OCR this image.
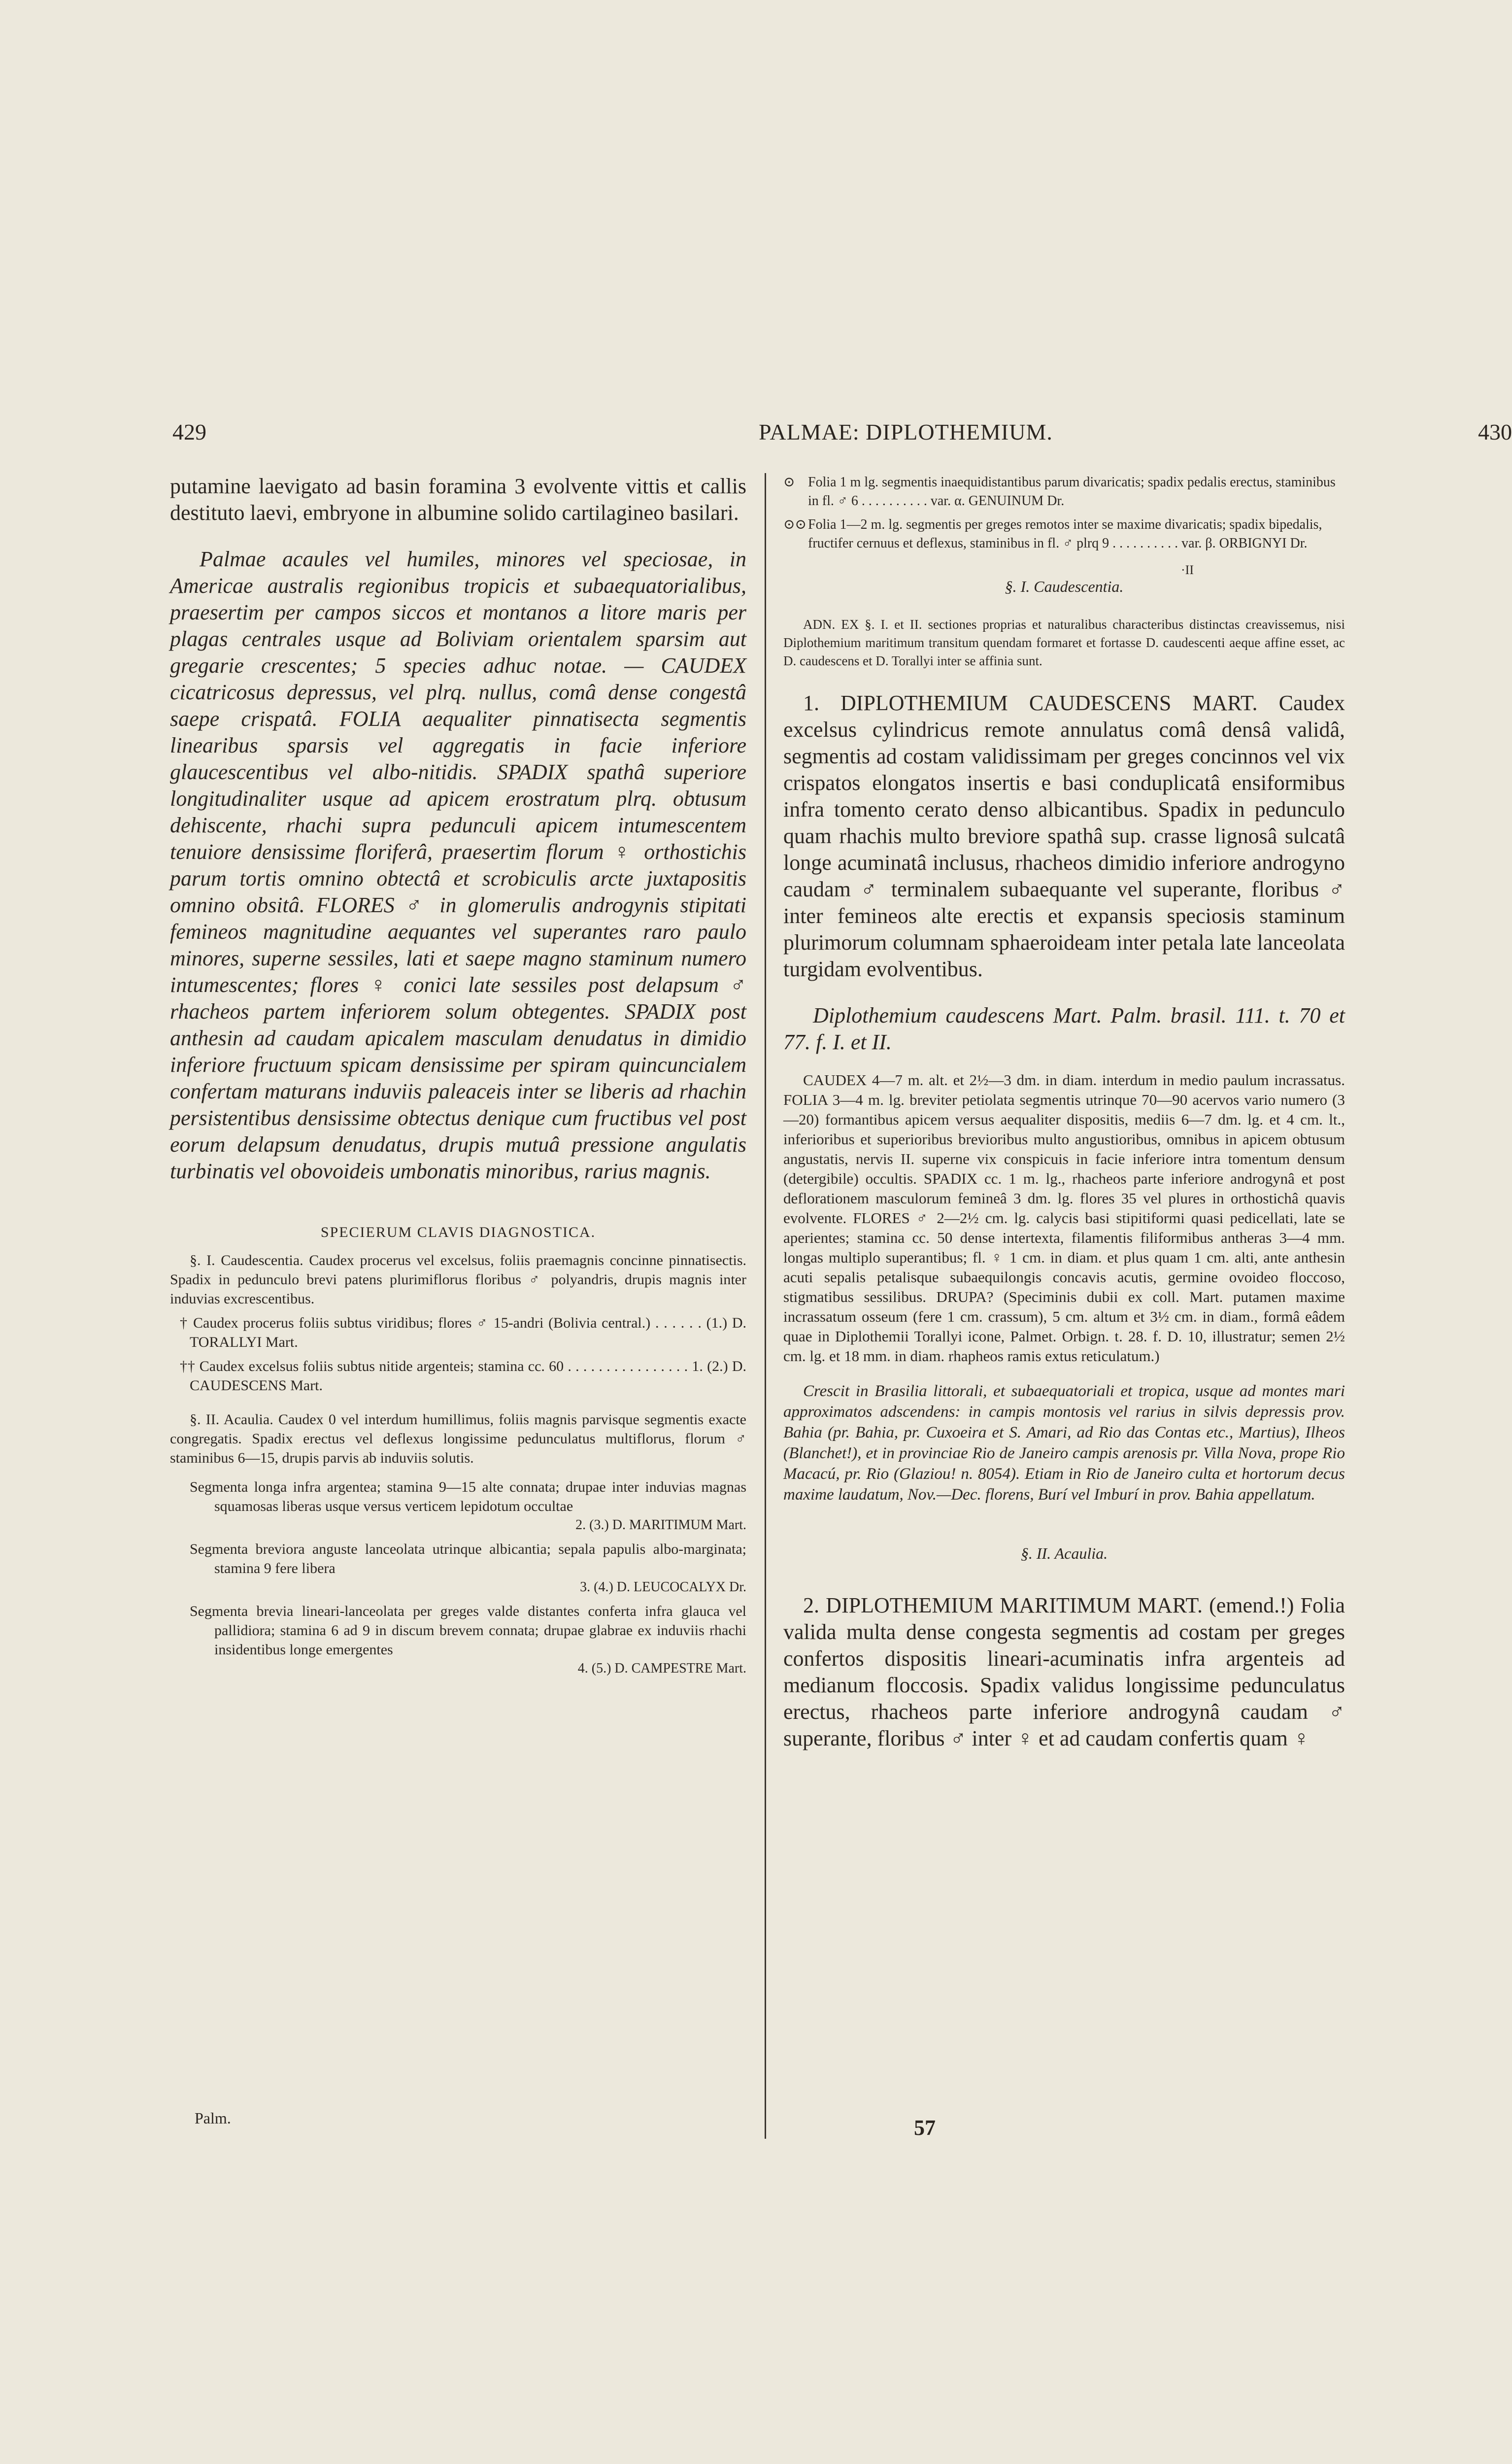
429	PALMAE: DIPLOTHEMIUM.	430

putamine laevigato ad basin foramina 3 evolvente vittis et callis destituto laevi, embryone in albumine solido cartilagineo basilari.

Palmae acaules vel humiles, minores vel speciosae, in Americae australis regionibus tropicis et subaequatorialibus, praesertim per campos siccos et montanos a litore maris per plagas centrales usque ad Boliviam orientalem sparsim aut gregarie crescentes; 5 species adhuc notae. — CAUDEX cicatricosus depressus, vel plrq. nullus, comâ dense congestâ saepe crispatâ. FOLIA aequaliter pinnatisecta segmentis linearibus sparsis vel aggregatis in facie inferiore glaucescentibus vel albo-nitidis. SPADIX spathâ superiore longitudinaliter usque ad apicem erostratum plrq. obtusum dehiscente, rhachi supra pedunculi apicem intumescentem tenuiore densissime floriferâ, praesertim florum ♀ orthostichis parum tortis omnino obtectâ et scrobiculis arcte juxtapositis omnino obsitâ. FLORES ♂ in glomerulis androgynis stipitati femineos magnitudine aequantes vel superantes raro paulo minores, superne sessiles, lati et saepe magno staminum numero intumescentes; flores ♀ conici late sessiles post delapsum ♂ rhacheos partem inferiorem solum obtegentes. SPADIX post anthesin ad caudam apicalem masculam denudatus in dimidio inferiore fructuum spicam densissime per spiram quincuncialem confertam maturans induviis paleaceis inter se liberis ad rhachin persistentibus densissime obtectus denique cum fructibus vel post eorum delapsum denudatus, drupis mutuâ pressione angulatis turbinatis vel obovoideis umbonatis minoribus, rarius magnis.

SPECIERUM CLAVIS DIAGNOSTICA.

§. I. Caudescentia. Caudex procerus vel excelsus, foliis praemagnis concinne pinnatisectis. Spadix in pedunculo brevi patens plurimiflorus floribus ♂ polyandris, drupis magnis inter induvias excrescentibus.

† Caudex procerus foliis subtus viridibus; flores ♂ 15-andri (Bolivia central.) . . . . . . (1.) D. TORALLYI Mart.

†† Caudex excelsus foliis subtus nitide argenteis; stamina cc. 60 . . . . . . . . . . . . . . . . 1. (2.) D. CAUDESCENS Mart.

§. II. Acaulia. Caudex 0 vel interdum humillimus, foliis magnis parvisque segmentis exacte congregatis. Spadix erectus vel deflexus longissime pedunculatus multiflorus, florum ♂ staminibus 6—15, drupis parvis ab induviis solutis.

Segmenta longa infra argentea; stamina 9—15 alte connata; drupae inter induvias magnas squamosas liberas usque versus verticem lepidotum occultae

2. (3.) D. MARITIMUM Mart.

Segmenta breviora anguste lanceolata utrinque albicantia; sepala papulis albo-marginata; stamina 9 fere libera

3. (4.) D. LEUCOCALYX Dr.

Segmenta brevia lineari-lanceolata per greges valde distantes conferta infra glauca vel pallidiora; stamina 6 ad 9 in discum brevem connata; drupae glabrae ex induviis rhachi insidentibus longe emergentes

4. (5.) D. CAMPESTRE Mart.

⊙ Folia 1 m lg. segmentis inaequidistantibus parum divaricatis; spadix pedalis erectus, staminibus in fl. ♂ 6 . . . . . . . . . . var. α. GENUINUM Dr.

⊙⊙ Folia 1—2 m. lg. segmentis per greges remotos inter se maxime divaricatis; spadix bipedalis, fructifer cernuus et deflexus, staminibus in fl. ♂ plrq 9 . . . . . . . . . . var. β. ORBIGNYI Dr.

·II

§. I. Caudescentia.

ADN. EX §. I. et II. sectiones proprias et naturalibus characteribus distinctas creavissemus, nisi Diplothemium maritimum transitum quendam formaret et fortasse D. caudescenti aeque affine esset, ac D. caudescens et D. Torallyi inter se affinia sunt.

1. DIPLOTHEMIUM CAUDESCENS MART. Caudex excelsus cylindricus remote annulatus comâ densâ validâ, segmentis ad costam validissimam per greges concinnos vel vix crispatos elongatos insertis e basi conduplicatâ ensiformibus infra tomento cerato denso albicantibus. Spadix in pedunculo quam rhachis multo breviore spathâ sup. crasse lignosâ sulcatâ longe acuminatâ inclusus, rhacheos dimidio inferiore androgyno caudam ♂ terminalem subaequante vel superante, floribus ♂ inter femineos alte erectis et expansis speciosis staminum plurimorum columnam sphaeroideam inter petala late lanceolata turgidam evolventibus.

Diplothemium caudescens Mart. Palm. brasil. 111. t. 70 et 77. f. I. et II.

CAUDEX 4—7 m. alt. et 2½—3 dm. in diam. interdum in medio paulum incrassatus. FOLIA 3—4 m. lg. breviter petiolata segmentis utrinque 70—90 acervos vario numero (3—20) formantibus apicem versus aequaliter dispositis, mediis 6—7 dm. lg. et 4 cm. lt., inferioribus et superioribus brevioribus multo angustioribus, omnibus in apicem obtusum angustatis, nervis II. superne vix conspicuis in facie inferiore intra tomentum densum (detergibile) occultis. SPADIX cc. 1 m. lg., rhacheos parte inferiore androgynâ et post deflorationem masculorum femineâ 3 dm. lg. flores 35 vel plures in orthostichâ quavis evolvente. FLORES ♂ 2—2½ cm. lg. calycis basi stipitiformi quasi pedicellati, late se aperientes; stamina cc. 50 dense intertexta, filamentis filiformibus antheras 3—4 mm. longas multiplo superantibus; fl. ♀ 1 cm. in diam. et plus quam 1 cm. alti, ante anthesin acuti sepalis petalisque subaequilongis concavis acutis, germine ovoideo floccoso, stigmatibus sessilibus. DRUPA? (Speciminis dubii ex coll. Mart. putamen maxime incrassatum osseum (fere 1 cm. crassum), 5 cm. altum et 3½ cm. in diam., formâ eâdem quae in Diplothemii Torallyi icone, Palmet. Orbign. t. 28. f. D. 10, illustratur; semen 2½ cm. lg. et 18 mm. in diam. rhapheos ramis extus reticulatum.)

Crescit in Brasilia littorali, et subaequatoriali et tropica, usque ad montes mari approximatos adscendens: in campis montosis vel rarius in silvis depressis prov. Bahia (pr. Bahia, pr. Cuxoeira et S. Amari, ad Rio das Contas etc., Martius), Ilheos (Blanchet!), et in provinciae Rio de Janeiro campis arenosis pr. Villa Nova, prope Rio Macacú, pr. Rio (Glaziou! n. 8054). Etiam in Rio de Janeiro culta et hortorum decus maxime laudatum, Nov.—Dec. florens, Burí vel Imburí in prov. Bahia appellatum.

§. II. Acaulia.

2. DIPLOTHEMIUM MARITIMUM MART. (emend.!) Folia valida multa dense congesta segmentis ad costam per greges confertos dispositis lineari-acuminatis infra argenteis ad medianum floccosis. Spadix validus longissime pedunculatus erectus, rhacheos parte inferiore androgynâ caudam ♂ superante, floribus ♂ inter ♀ et ad caudam confertis quam ♀

Palm.	57
